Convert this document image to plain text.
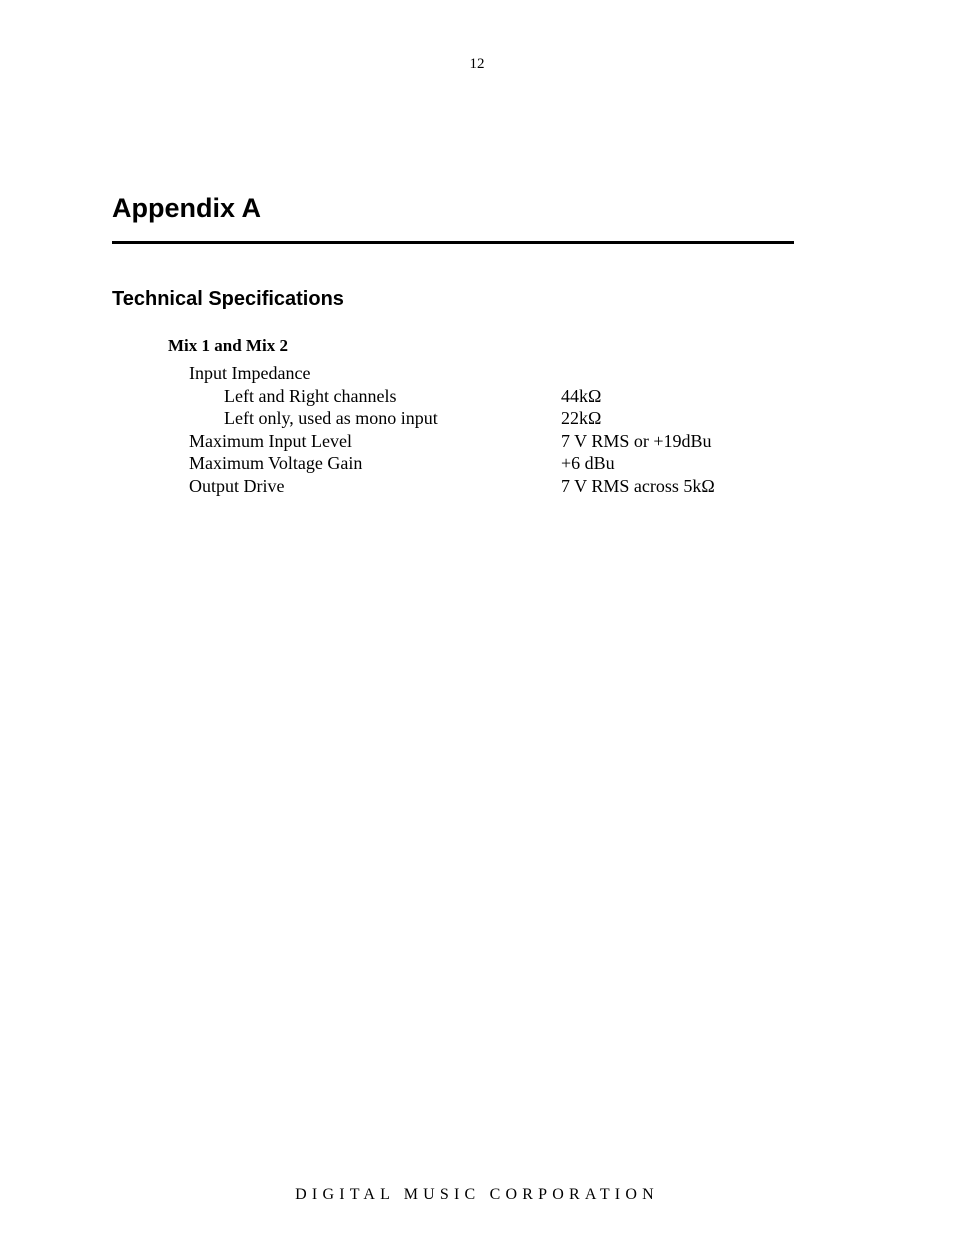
12
Appendix A
Technical Specifications
Mix 1 and Mix 2
Input Impedance
Left and Right channels	44kΩ
Left only, used as mono input	22kΩ
Maximum Input Level	7 V RMS or +19dBu
Maximum Voltage Gain	+6 dBu
Output Drive	7 V RMS across 5kΩ
DIGITAL MUSIC CORPORATION
